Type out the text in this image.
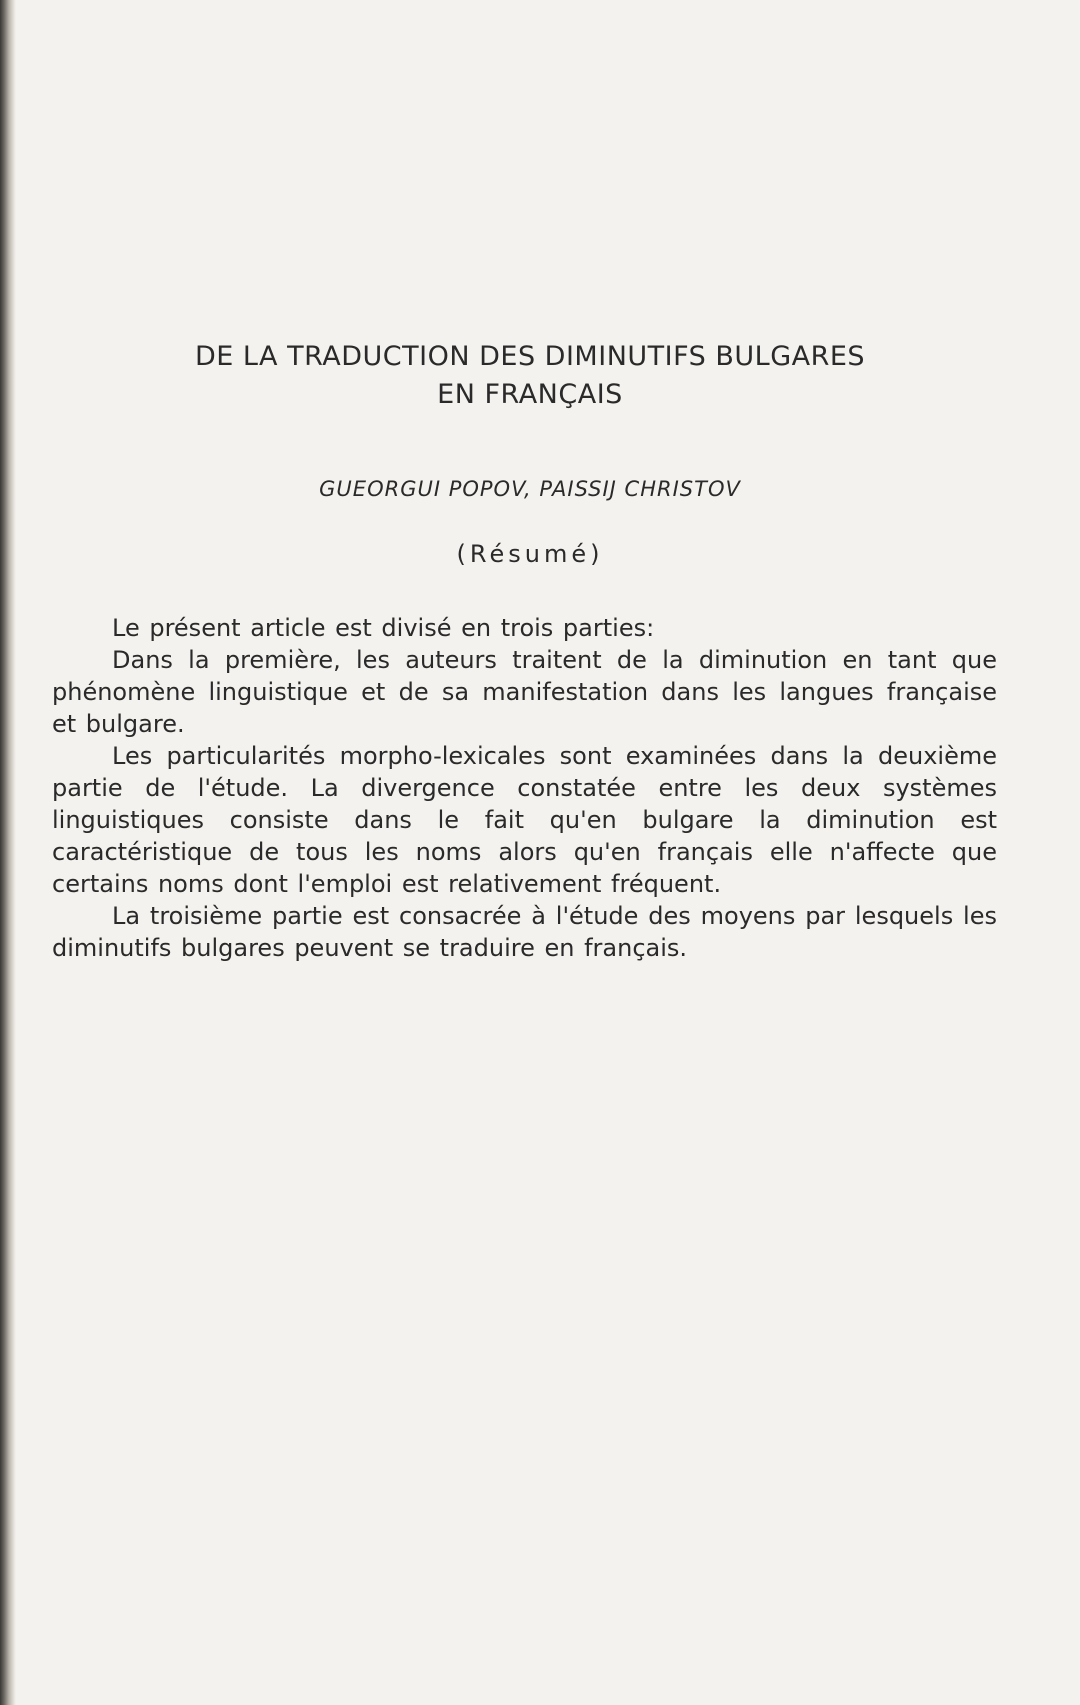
DE LA TRADUCTION DES DIMINUTIFS BULGARES
EN FRANÇAIS
GUEORGUI POPOV, PAISSIJ CHRISTOV
(Résumé)

Le présent article est divisé en trois parties:

Dans la première, les auteurs traitent de la diminution en tant que phénomène linguistique et de sa manifestation dans les langues française et bulgare.

Les particularités morpho-lexicales sont examinées dans la deuxième partie de l'étude. La divergence constatée entre les deux systèmes linguistiques consiste dans le fait qu'en bulgare la diminution est caractéristique de tous les noms alors qu'en français elle n'affecte que certains noms dont l'emploi est relativement fréquent.

La troisième partie est consacrée à l'étude des moyens par lesquels les diminutifs bulgares peuvent se traduire en français.
